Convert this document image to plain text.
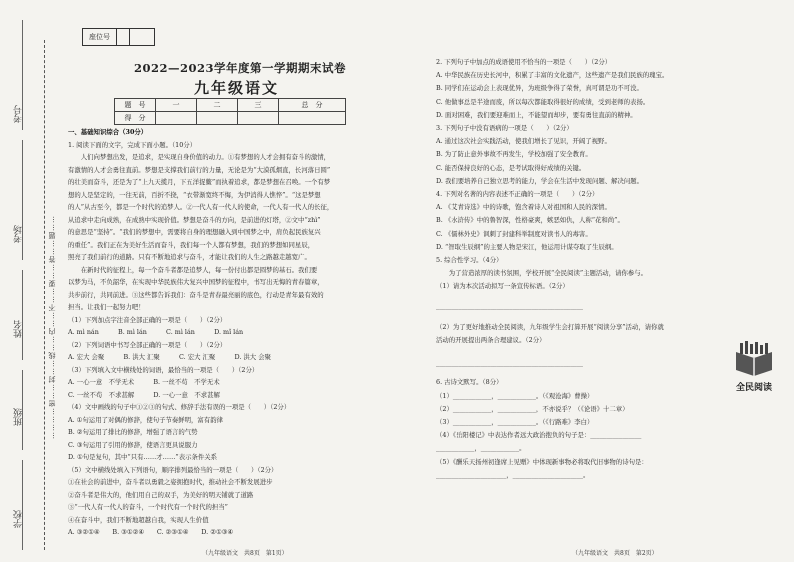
考号
考场
姓名
班级
学校
…………密……封……线……内……不……要……答……题……
座位号
2022—2023学年度第一学期期末试卷
九年级语文
题　号	一	二	三	总　分
得　分				
一、基础知识综合（30分）
1. 阅读下面的文字，完成下面小题。（10分）
　　人们向梦想出发，是追求，是实现自身价值的动力。①有梦想的人才会拥有奋斗的激情，
有激情的人才会勇往直前。梦想是支撑我们前行的力量，无论是为“大漠孤烟直，长河落日圆”
的壮美而奋斗，还是为了“上九天揽月，下五洋捉鳖”而执着追求，都是梦想在召唤。一个有梦
想的人是坚定的，一往无前，百折不挠，“衣带渐宽终不悔，为伊消得人憔悴”。“这是梦想
的人”从古至今，都是一个时代的追梦人。②一代人有一代人的使命，一代人有一代人的长征，
从追求中走向成熟，在成熟中实现价值。梦想是奋斗的方向，是前进的灯塔，②文中“zhì”
的意思是“坚持”。“我们的梦想中，需要将自身的理想融入到中国梦之中，肩负起民族复兴
的重任”。我们正在为美好生活而奋斗，我们每一个人都有梦想，我们的梦想如同星辰，
照亮了我们前行的道路。只有不断地追求与奋斗，才能让我们的人生之路越走越宽广。
　　在新时代的征程上，每一个奋斗者都是追梦人，每一份付出都是圆梦的基石。我们要
以梦为马，不负韶华，在实现中华民族伟大复兴中国梦的征程中，书写出无悔的青春篇章，
共步前行，共同前进。③这些都告诉我们：奋斗是青春最亮丽的底色，行动是青年最有效的
担当。让我们一起努力吧！
（1）下列加点字注音全部正确的一项是（　　）（2分）
A. mì nán　　　B. mì lán　　　C. mì lán　　　D. mǐ lán
（2）下列词语中书写全部正确的一项是（　　）（2分）
A. 宏大 会聚　　　B. 洪大 汇聚　　　C. 宏大 汇聚　　　D. 洪大 会聚
（3）下列填入文中横线处的词语，最恰当的一项是（　　）（2分）
A. 一心一意　不学无术　　　B. 一丝不苟　不学无术
C. 一丝不苟　不求甚解　　　D. 一心一意　不求甚解
（4）文中画线的句子中①②③的句式、修辞手法有误的一项是（　　）（2分）
A. ①句运用了对偶的修辞，使句子节奏鲜明，富有韵律
B. ②句运用了排比的修辞，增强了语言的气势
C. ③句运用了引用的修辞，使语言更具说服力
D. ①句是复句，其中“只有……才……”表示条件关系
（5）文中横线处填入下列语句，顺序排列最恰当的一项是（　　）（2分）
①在社会的前进中，奋斗者以勇毅之姿拥抱时代，推动社会不断发展进步
②奋斗者是伟大的，他们用自己的双手，为美好的明天铺就了道路
③“一代人有一代人的奋斗，一个时代有一个时代的担当”
④在奋斗中，我们不断地超越自我，实现人生价值
A. ③②①④　　B. ③①②④　　C. ②③①④　　D. ②①③④
（九年级语文　共8页　第1页）
2. 下列句子中加点的成语使用不恰当的一项是（　　）（2分）
A. 中华民族在历史长河中，积累了丰富的文化遗产，这些遗产是我们民族的瑰宝。
B. 同学们在运动会上表现优异，为班级争得了荣誉，真可谓是功不可没。
C. 他做事总是半途而废，所以每次都能取得很好的成绩，受到老师的表扬。
D. 面对困难，我们要迎难而上，不能望而却步，要有勇往直前的精神。
3. 下列句子中没有语病的一项是（　　）（2分）
A. 通过这次社会实践活动，使我们增长了见识，开阔了视野。
B. 为了防止意外事故不再发生，学校加强了安全教育。
C. 能否保持良好的心态，是考试取得好成绩的关键。
D. 我们要培养自己独立思考的能力，学会在生活中发现问题、解决问题。
4. 下列对名著的内容表述不正确的一项是（　　）（2分）
A. 《艾青诗选》中的诗歌，饱含着诗人对祖国和人民的深情。
B. 《水浒传》中的鲁智深，性格豪爽，嫉恶如仇，人称“花和尚”。
C. 《儒林外史》讽刺了封建科举制度对读书人的毒害。
D. “智取生辰纲”的主要人物是宋江，他运用计谋夺取了生辰纲。
5. 综合性学习。（4分）
　　为了营造浓厚的读书氛围，学校开展“全民阅读”主题活动，请你参与。
（1）请为本次活动拟写一条宣传标语。（2分）
______________________________________________
（2）为了更好地推动全民阅读，九年级学生会打算开展“阅读分享”活动，请你就
活动的开展提出两条合理建议。（2分）
______________________________________________
6. 古诗文默写。（8分）
（1）____________，____________。（《观沧海》曹操）
（2）____________，____________，不亦说乎？（《论语》十二章）
（3）____________，____________。（《行路难》李白）
（4）《岳阳楼记》中表达作者远大政治抱负的句子是：________________
____________，____________。
（5）《酬乐天扬州初逢席上见赠》中体现新事物必将取代旧事物的诗句是：
______________________，______________________。
全民阅读
（九年级语文　共8页　第2页）
